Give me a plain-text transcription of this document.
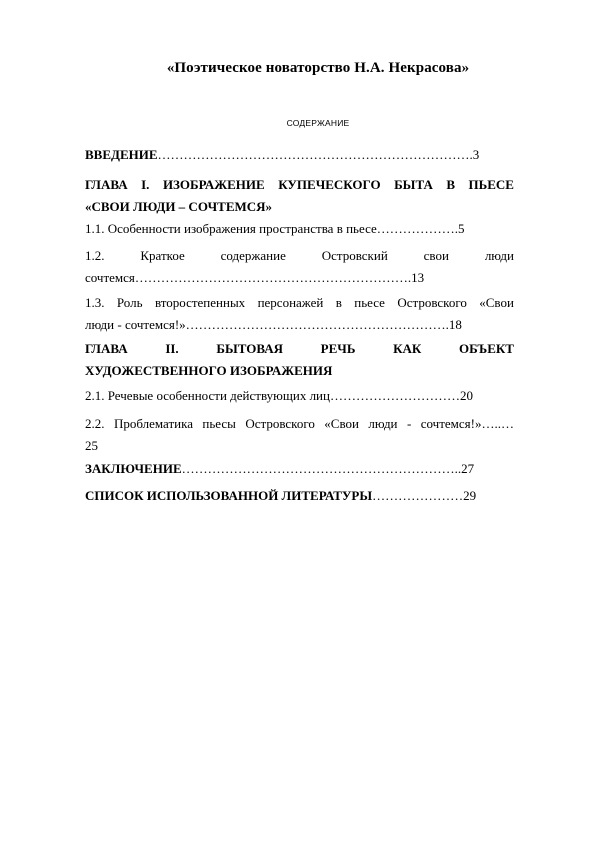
«Поэтическое новаторство Н.А. Некрасова»
СОДЕРЖАНИЕ
ВВЕДЕНИЕ……………………………………………………………….3
ГЛАВА I. ИЗОБРАЖЕНИЕ КУПЕЧЕСКОГО БЫТА В ПЬЕСЕ
«СВОИ ЛЮДИ – СОЧТЕМСЯ»
1.1. Особенности изображения пространства в пьесе……………….5
1.2.	Краткое	содержание	Островский	свои	люди
сочтемся……………………………………………………….13
1.3. Роль второстепенных персонажей в пьесе Островского «Свои
люди - сочтемся!»…………………………………………………….18
ГЛАВА	II.	БЫТОВАЯ	РЕЧЬ	КАК	ОБЪЕКТ
ХУДОЖЕСТВЕННОГО ИЗОБРАЖЕНИЯ
2.1. Речевые особенности действующих лиц…………………………20
2.2. Проблематика пьесы Островского «Свои люди - сочтемся!»…..…
25
ЗАКЛЮЧЕНИЕ………………………………………………………..27
СПИСОК ИСПОЛЬЗОВАННОЙ ЛИТЕРАТУРЫ…………………29
